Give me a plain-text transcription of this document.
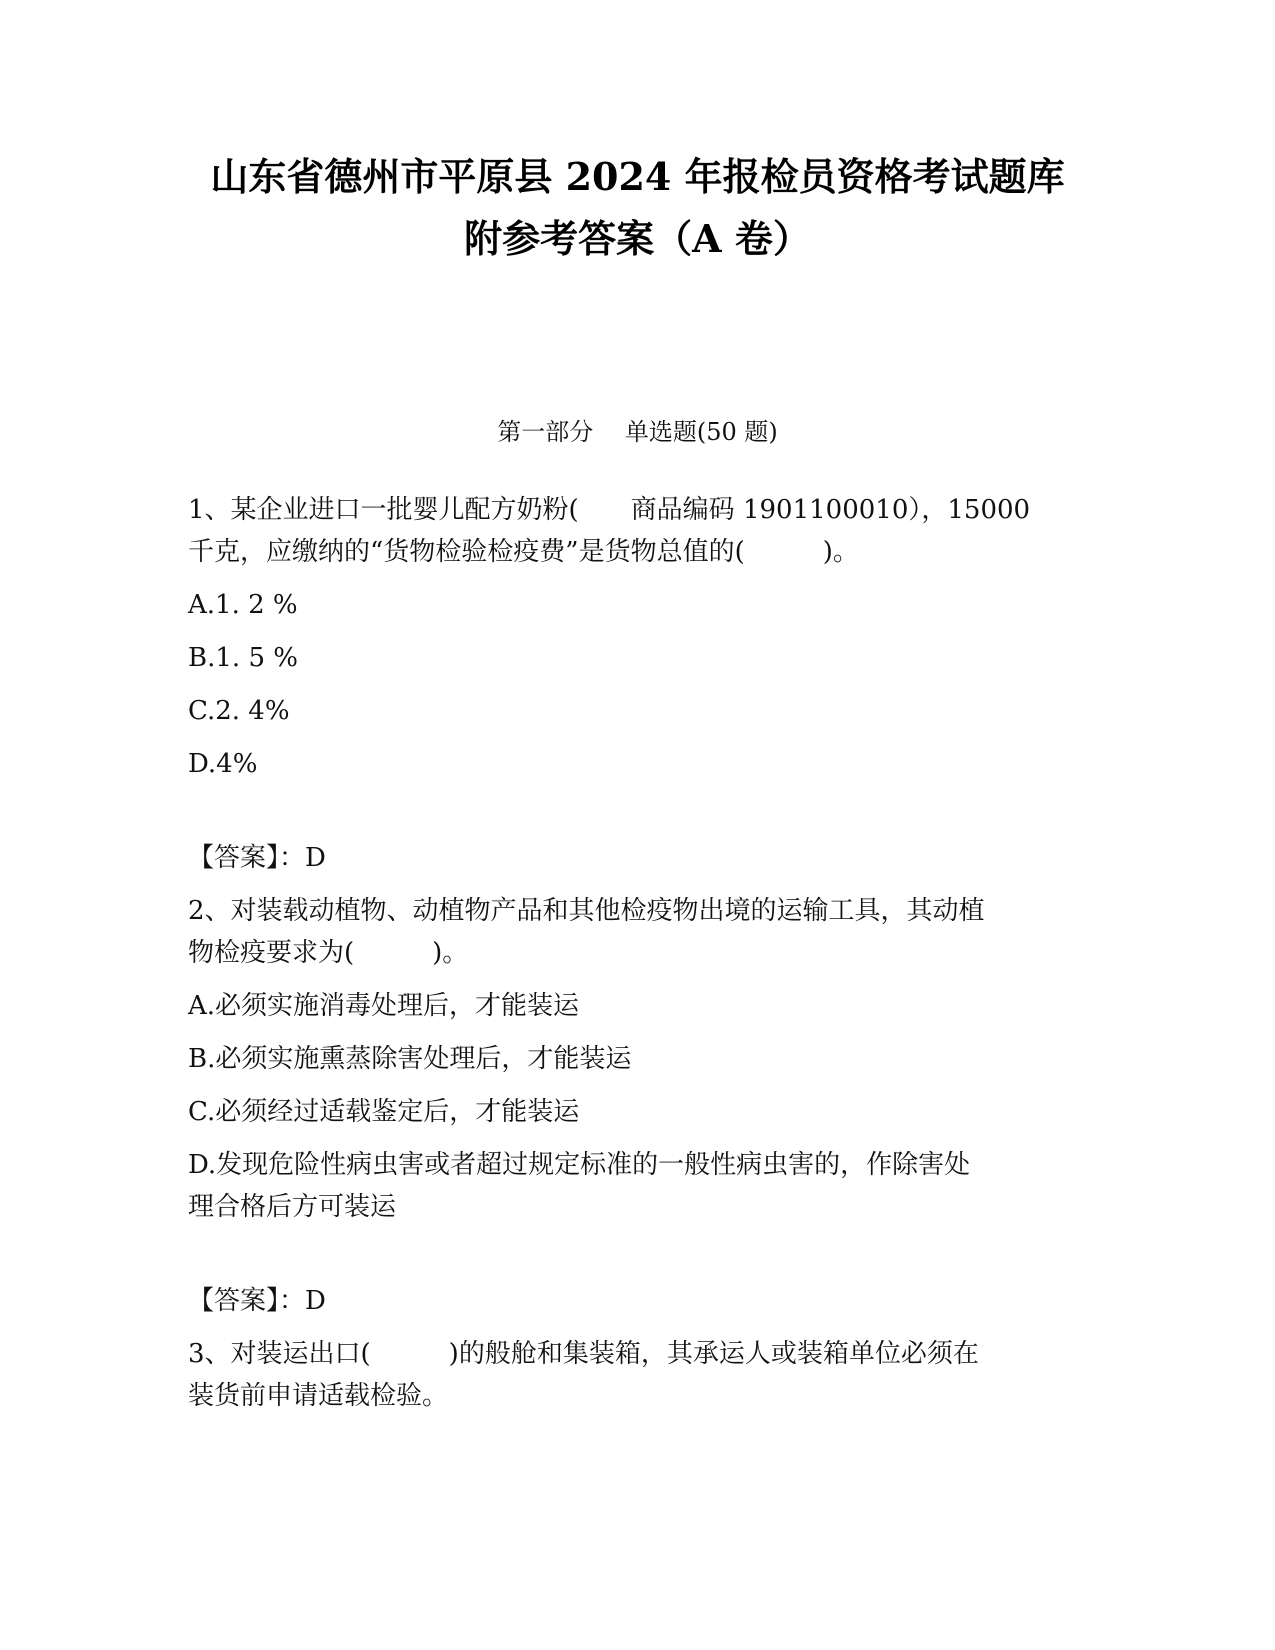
山东省德州市平原县 2024 年报检员资格考试题库
附参考答案（A 卷）
第一部分　 单选题(50 题)
1、某企业进口一批婴儿配方奶粉(　　商品编码 1901100010），15000
千克，应缴纳的“货物检验检疫费”是货物总值的(　　　)。
A.1. 2 %
B.1. 5 %
C.2. 4%
D.4%
【答案】：D
2、对装载动植物、动植物产品和其他检疫物出境的运输工具，其动植
物检疫要求为(　　　)。
A.必须实施消毒处理后，才能装运
B.必须实施熏蒸除害处理后，才能装运
C.必须经过适载鉴定后，才能装运
D.发现危险性病虫害或者超过规定标准的一般性病虫害的，作除害处
理合格后方可装运
【答案】：D
3、对装运出口(　　　)的般舱和集装箱，其承运人或装箱单位必须在
装货前申请适载检验。
